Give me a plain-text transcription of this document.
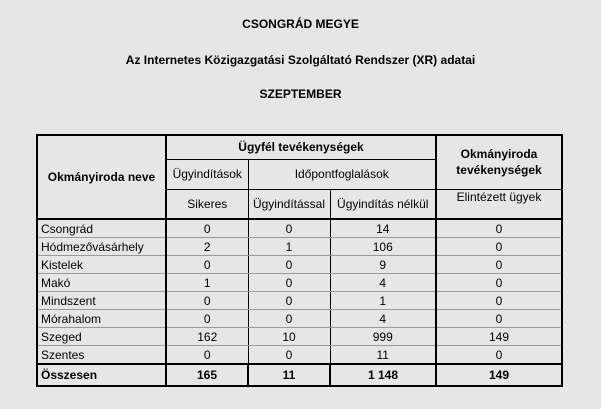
CSONGRÁD MEGYE
Az Internetes Közigazgatási Szolgáltató Rendszer (XR) adatai
SZEPTEMBER
Okmányiroda neve	Ügyfél tevékenységek			Okmányiroda tevékenységek
	Ügyindítások	Időpontfoglalások		
	Sikeres	Ügyindítással	Ügyindítás nélkül	Elintézett ügyek
Csongrád	0	0	14	0
Hódmezővásárhely	2	1	106	0
Kistelek	0	0	9	0
Makó	1	0	4	0
Mindszent	0	0	1	0
Mórahalom	0	0	4	0
Szeged	162	10	999	149
Szentes	0	0	11	0
Összesen	165	11	1 148	149
